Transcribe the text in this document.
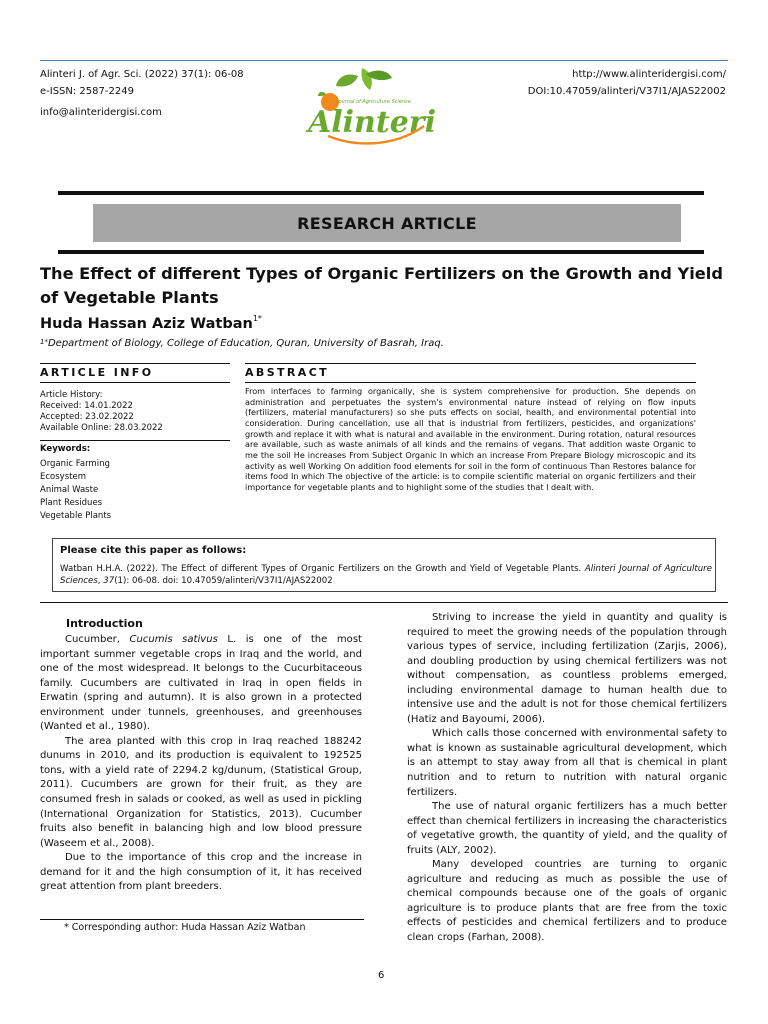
Alinteri J. of Agr. Sci. (2022) 37(1): 06-08
e-ISSN: 2587-2249
info@alinteridergisi.com
http://www.alinteridergisi.com/
DOI:10.47059/alinteri/V37I1/AJAS22002
Journal of Agriculture Science
Alinteri
RESEARCH ARTICLE
The Effect of different Types of Organic Fertilizers on the Growth and Yield of Vegetable Plants
Huda Hassan Aziz Watban$^{1*}$
$^{1*}$Department of Biology, College of Education, Quran, University of Basrah, Iraq.
ARTICLE INFO
Article History:
Received: 14.01.2022
Accepted: 23.02.2022
Available Online: 28.03.2022
Keywords:
Organic Farming
Ecosystem
Animal Waste
Plant Residues
Vegetable Plants
ABSTRACT
From interfaces to farming organically, she is system comprehensive for production. She depends on administration and perpetuates the system's environmental nature instead of relying on flow inputs (fertilizers, material manufacturers) so she puts effects on social, health, and environmental potential into consideration. During cancellation, use all that is industrial from fertilizers, pesticides, and organizations' growth and replace it with what is natural and available in the environment. During rotation, natural resources are available, such as waste animals of all kinds and the remains of vegans. That addition waste Organic to me the soil He increases From Subject Organic In which an increase From Prepare Biology microscopic and its activity as well Working On addition food elements for soil in the form of continuous Than Restores balance for items food In which The objective of the article: is to compile scientific material on organic fertilizers and their importance for vegetable plants and to highlight some of the studies that I dealt with.
Please cite this paper as follows:
Watban H.H.A. (2022). The Effect of different Types of Organic Fertilizers on the Growth and Yield of Vegetable Plants. Alinteri Journal of Agriculture Sciences, 37(1): 06-08. doi: 10.47059/alinteri/V37I1/AJAS22002
Introduction

Cucumber, Cucumis sativus L. is one of the most important summer vegetable crops in Iraq and the world, and one of the most widespread. It belongs to the Cucurbitaceous family. Cucumbers are cultivated in Iraq in open fields in Erwatin (spring and autumn). It is also grown in a protected environment under tunnels, greenhouses, and greenhouses (Wanted et al., 1980).

The area planted with this crop in Iraq reached 188242 dunums in 2010, and its production is equivalent to 192525 tons, with a yield rate of 2294.2 kg/dunum, (Statistical Group, 2011). Cucumbers are grown for their fruit, as they are consumed fresh in salads or cooked, as well as used in pickling (International Organization for Statistics, 2013). Cucumber fruits also benefit in balancing high and low blood pressure (Waseem et al., 2008).

Due to the importance of this crop and the increase in demand for it and the high consumption of it, it has received great attention from plant breeders.

Striving to increase the yield in quantity and quality is required to meet the growing needs of the population through various types of service, including fertilization (Zarjis, 2006), and doubling production by using chemical fertilizers was not without compensation, as countless problems emerged, including environmental damage to human health due to intensive use and the adult is not for those chemical fertilizers (Hatiz and Bayoumi, 2006).

Which calls those concerned with environmental safety to what is known as sustainable agricultural development, which is an attempt to stay away from all that is chemical in plant nutrition and to return to nutrition with natural organic fertilizers.

The use of natural organic fertilizers has a much better effect than chemical fertilizers in increasing the characteristics of vegetative growth, the quantity of yield, and the quality of fruits (ALY, 2002).

Many developed countries are turning to organic agriculture and reducing as much as possible the use of chemical compounds because one of the goals of organic agriculture is to produce plants that are free from the toxic effects of pesticides and chemical fertilizers and to produce clean crops (Farhan, 2008).

* Corresponding author: Huda Hassan Aziz Watban
6
